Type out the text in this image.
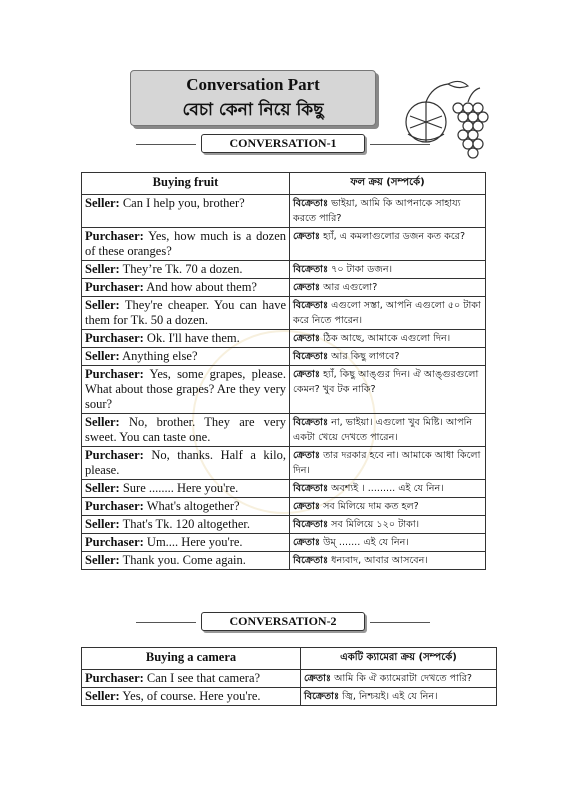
Conversation Part
বেচা কেনা নিয়ে কিছু
CONVERSATION-1
Buying fruit	ফল ক্রয় (সম্পর্কে)
Seller: Can I help you, brother?	বিক্রেতাঃ ভাইয়া, আমি কি আপনাকে সাহায্য করতে পারি?
Purchaser: Yes, how much is a dozen of these oranges?	ক্রেতাঃ হ্যাঁ, এ কমলাগুলোর ডজন কত করে?
Seller: They’re Tk. 70 a dozen.	বিক্রেতাঃ ৭০ টাকা ডজন।
Purchaser: And how about them?	ক্রেতাঃ আর এগুলো?
Seller: They're cheaper. You can have them for Tk. 50 a dozen.	বিক্রেতাঃ এগুলো সস্তা, আপনি এগুলো ৫০ টাকা করে নিতে পারেন।
Purchaser: Ok. I'll have them.	ক্রেতাঃ ঠিক আছে, আমাকে এগুলো দিন।
Seller: Anything else?	বিক্রেতাঃ আর কিছু লাগবে?
Purchaser: Yes, some grapes, please. What about those grapes? Are they very sour?	ক্রেতাঃ হ্যাঁ, কিছু আঙ্গুর দিন। ঐ আঙ্গুরগুলো কেমন? খুব টক নাকি?
Seller: No, brother. They are very sweet. You can taste one.	বিক্রেতাঃ না, ভাইয়া। এগুলো খুব মিষ্টি। আপনি একটা খেয়ে দেখতে পারেন।
Purchaser: No, thanks. Half a kilo, please.	ক্রেতাঃ তার দরকার হবে না। আমাকে আধা কিলো দিন।
Seller: Sure ........ Here you're.	বিক্রেতাঃ অবশ্যই । ......... এই যে নিন।
Purchaser: What's altogether?	ক্রেতাঃ সব মিলিয়ে দাম কত হল?
Seller: That's Tk. 120 altogether.	বিক্রেতাঃ সব মিলিয়ে ১২০ টাকা।
Purchaser: Um.... Here you're.	ক্রেতাঃ উম্‌ ....... এই যে নিন।
Seller: Thank you. Come again.	বিক্রেতাঃ ধন্যবাদ, আবার আসবেন।
CONVERSATION-2
Buying a camera	একটি ক্যামেরা ক্রয় (সম্পর্কে)
Purchaser: Can I see that camera?	ক্রেতাঃ আমি কি ঐ ক্যামেরাটা দেখতে পারি?
Seller: Yes, of course. Here you're.	বিক্রেতাঃ জ্বি, নিশ্চয়ই। এই যে নিন।
